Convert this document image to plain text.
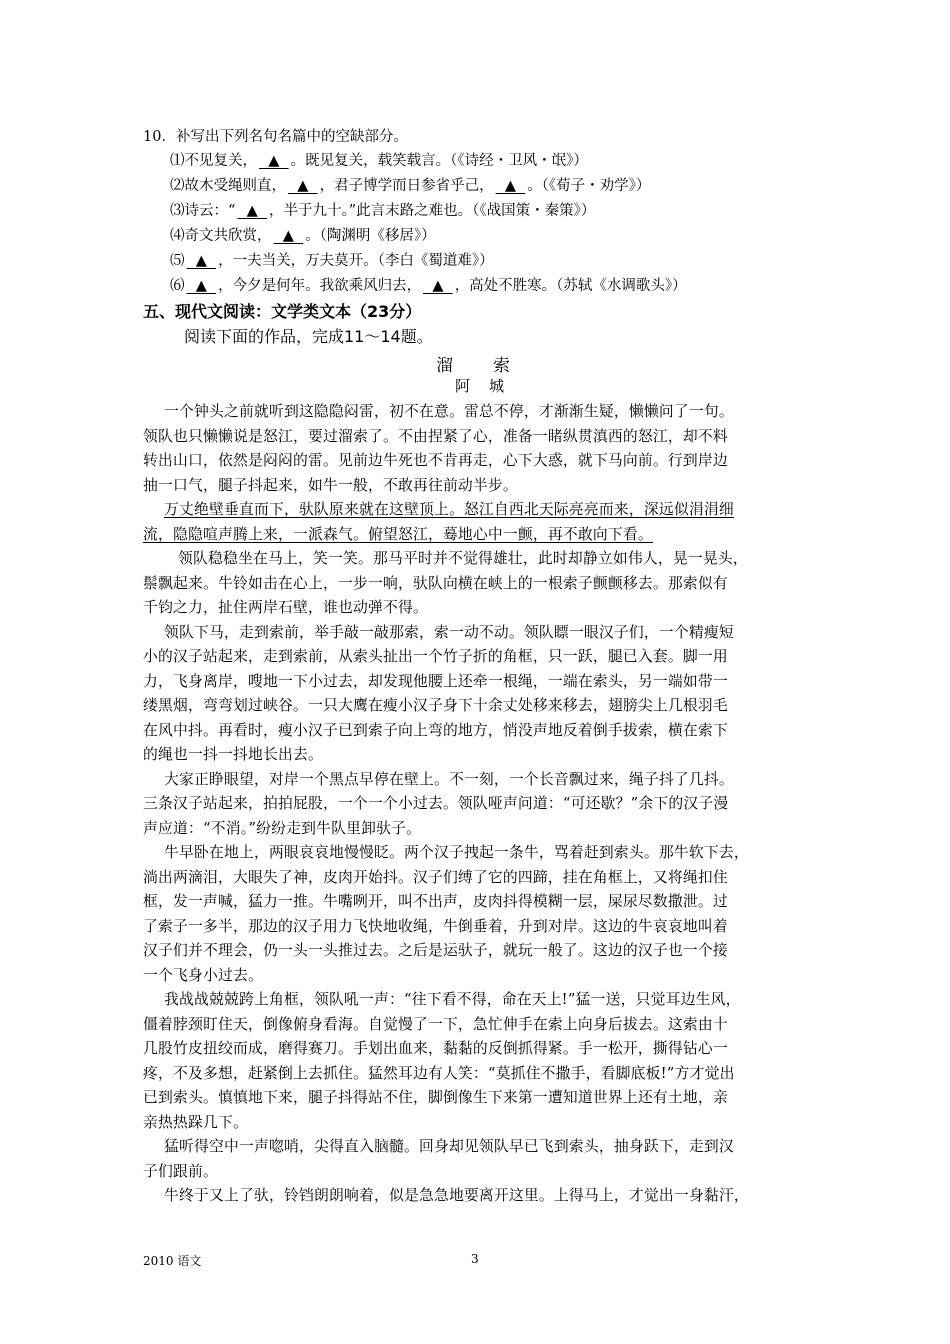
10．补写出下列名句名篇中的空缺部分。
⑴不见复关， ▲ 。既见复关，载笑载言。（《诗经・卫风・氓》）
⑵故木受绳则直， ▲ ，君子博学而日参省乎己， ▲ 。（《荀子・劝学》）
⑶诗云：“ ▲ ，半于九十。”此言末路之难也。（《战国策・秦策》）
⑷奇文共欣赏， ▲ 。（陶渊明《移居》）
⑸ ▲ ，一夫当关，万夫莫开。（李白《蜀道难》）
⑹ ▲ ，今夕是何年。我欲乘风归去， ▲ ，高处不胜寒。（苏轼《水调歌头》）
五、现代文阅读：文学类文本（23分）
阅读下面的作品，完成11～14题。
溜　　索
阿　城
一个钟头之前就听到这隐隐闷雷，初不在意。雷总不停，才渐渐生疑，懒懒问了一句。
领队也只懒懒说是怒江，要过溜索了。不由捏紧了心，准备一睹纵贯滇西的怒江，却不料
转出山口，依然是闷闷的雷。见前边牛死也不肯再走，心下大惑，就下马向前。行到岸边
抽一口气，腿子抖起来，如牛一般，不敢再往前动半步。
万丈绝壁垂直而下，驮队原来就在这壁顶上。怒江自西北天际亮亮而来，深远似涓涓细
流，隐隐喧声腾上来，一派森气。俯望怒江，蓦地心中一颤，再不敢向下看。
领队稳稳坐在马上，笑一笑。那马平时并不觉得雄壮，此时却静立如伟人，晃一晃头，
鬃飘起来。牛铃如击在心上，一步一响，驮队向横在峡上的一根索子颤颤移去。那索似有
千钧之力，扯住两岸石壁，谁也动弹不得。
领队下马，走到索前，举手敲一敲那索，索一动不动。领队瞟一眼汉子们，一个精瘦短
小的汉子站起来，走到索前，从索头扯出一个竹子折的角框，只一跃，腿已入套。脚一用
力，飞身离岸，嗖地一下小过去，却发现他腰上还牵一根绳，一端在索头，另一端如带一
缕黑烟，弯弯划过峡谷。一只大鹰在瘦小汉子身下十余丈处移来移去，翅膀尖上几根羽毛
在风中抖。再看时，瘦小汉子已到索子向上弯的地方，悄没声地反着倒手拔索，横在索下
的绳也一抖一抖地长出去。
大家正睁眼望，对岸一个黑点早停在壁上。不一刻，一个长音飘过来，绳子抖了几抖。
三条汉子站起来，拍拍屁股，一个一个小过去。领队哑声问道：“可还歇？”余下的汉子漫
声应道：“不消。”纷纷走到牛队里卸驮子。
牛早卧在地上，两眼哀哀地慢慢眨。两个汉子拽起一条牛，骂着赶到索头。那牛软下去，
淌出两滴泪，大眼失了神，皮肉开始抖。汉子们缚了它的四蹄，挂在角框上，又将绳扣住
框，发一声喊，猛力一推。牛嘴咧开，叫不出声，皮肉抖得模糊一层，屎尿尽数撒泄。过
了索子一多半，那边的汉子用力飞快地收绳，牛倒垂着，升到对岸。这边的牛哀哀地叫着
汉子们并不理会，仍一头一头推过去。之后是运驮子，就玩一般了。这边的汉子也一个接
一个飞身小过去。
我战战兢兢跨上角框，领队吼一声：“往下看不得，命在天上!”猛一送，只觉耳边生风，
僵着脖颈盯住天，倒像俯身看海。自觉慢了一下，急忙伸手在索上向身后拔去。这索由十
几股竹皮扭绞而成，磨得赛刀。手划出血来，黏黏的反倒抓得紧。手一松开，撕得钻心一
疼，不及多想，赶紧倒上去抓住。猛然耳边有人笑：“莫抓住不撒手，看脚底板!”方才觉出
已到索头。慎慎地下来，腿子抖得站不住，脚倒像生下来第一遭知道世界上还有土地，亲
亲热热跺几下。
猛听得空中一声唿哨，尖得直入脑髓。回身却见领队早已飞到索头，抽身跃下，走到汉
子们跟前。
牛终于又上了驮，铃铛朗朗响着，似是急急地要离开这里。上得马上，才觉出一身黏汗，
2010 语文	3
